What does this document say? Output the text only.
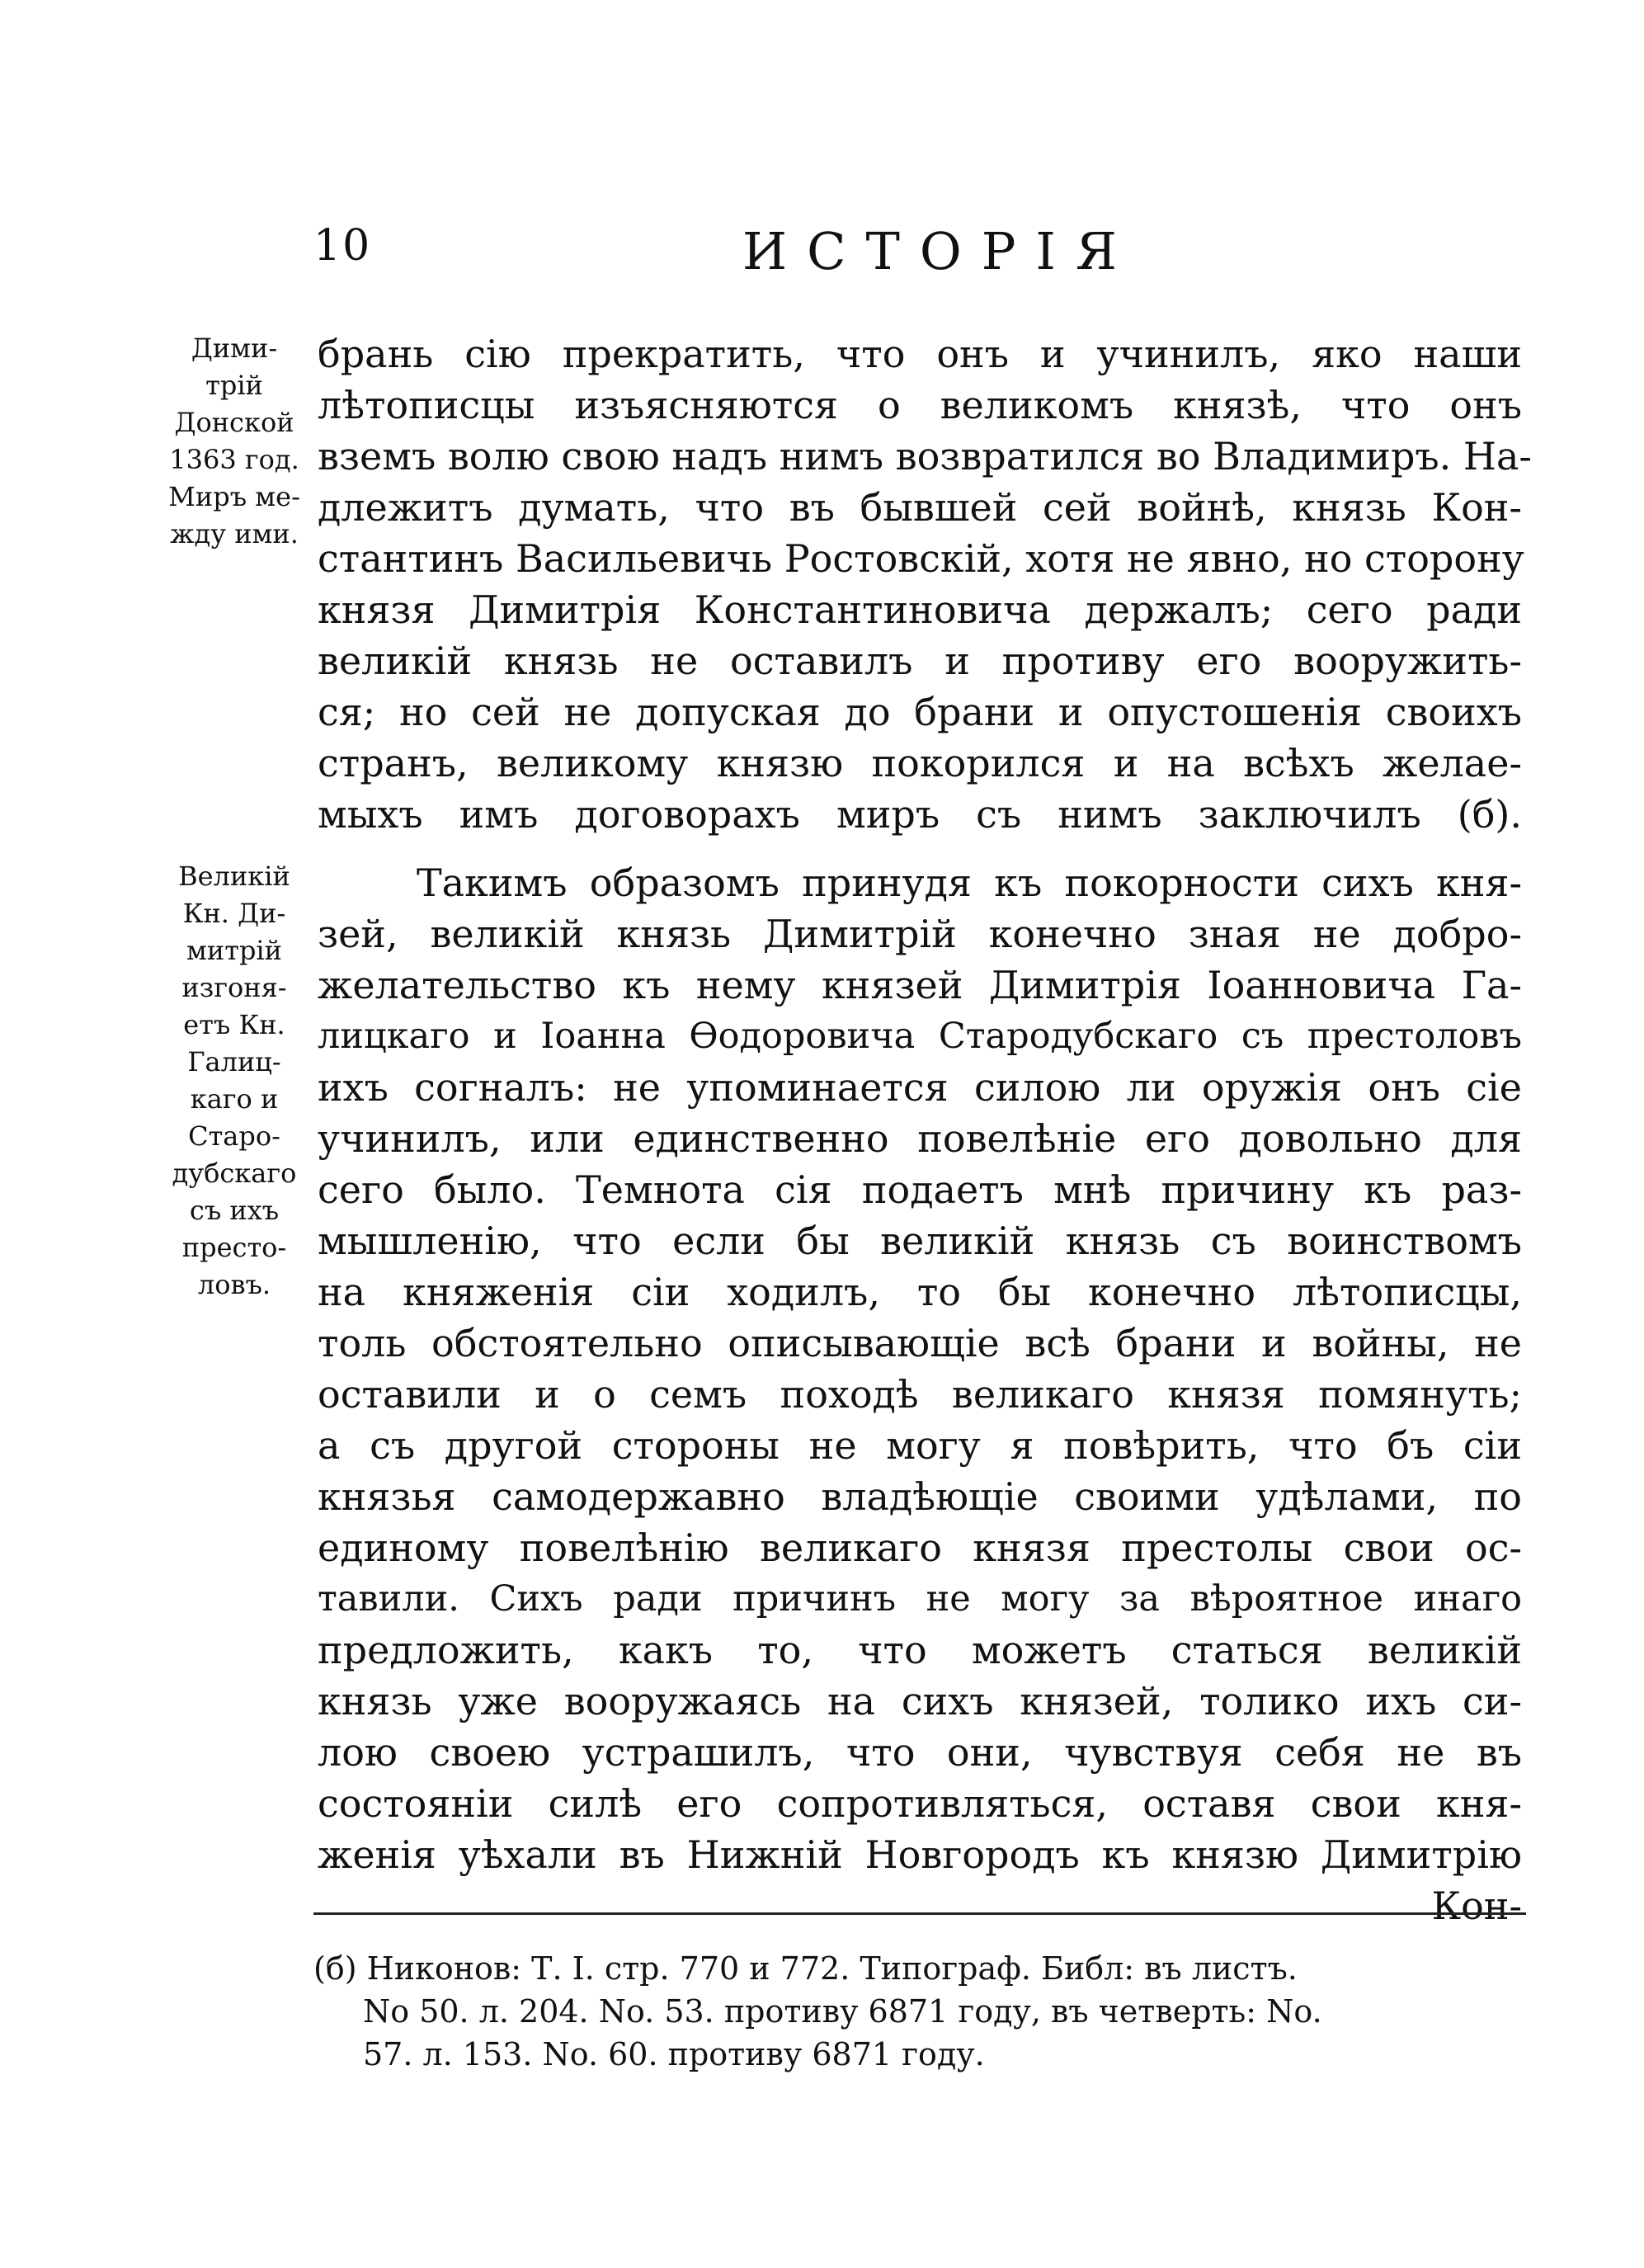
10	ИСТОРІЯ
Дими-
трій
Донской
1363 год.
Миръ ме-
жду ими.
Великій
Кн. Ди-
митрій
изгоня-
етъ Кн.
Галиц-
каго и
Старо-
дубскаго
съ ихъ
престо-
ловъ.
брань сію прекратить, что онъ и учинилъ, яко наши
лѣтописцы изъясняются о великомъ князѣ, что онъ
вземъ волю свою надъ нимъ возвратился во Владимиръ. На-
длежитъ думать, что въ бывшей сей войнѣ, князь Кон-
стантинъ Васильевичь Ростовскій, хотя не явно, но сторону
князя Димитрія Константиновича держалъ; сего ради
великій князь не оставилъ и противу его вооружить-
ся; но сей не допуская до брани и опустошенія своихъ
странъ, великому князю покорился и на всѣхъ желае-
мыхъ имъ договорахъ миръ съ нимъ заключилъ (б).
Такимъ образомъ принудя къ покорности сихъ кня-
зей, великій князь Димитрій конечно зная не добро-
желательство къ нему князей Димитрія Іоанновича Га-
лицкаго и Іоанна Ѳодоровича Стародубскаго съ престоловъ
ихъ согналъ: не упоминается силою ли оружія онъ сіе
учинилъ, или единственно повелѣніе его довольно для
сего было. Темнота сія подаетъ мнѣ причину къ раз-
мышленію, что если бы великій князь съ воинствомъ
на княженія сіи ходилъ, то бы конечно лѣтописцы,
толь обстоятельно описывающіе всѣ брани и войны, не
оставили и о семъ походѣ великаго князя помянуть;
а съ другой стороны не могу я повѣрить, что бъ сіи
князья самодержавно владѣющіе своими удѣлами, по
единому повелѣнію великаго князя престолы свои ос-
тавили. Сихъ ради причинъ не могу за вѣроятное инаго
предложить, какъ то, что можетъ статься великій
князь уже вооружаясь на сихъ князей, толико ихъ си-
лою своею устрашилъ, что они, чувствуя себя не въ
состояніи силѣ его сопротивляться, оставя свои кня-
женія уѣхали въ Нижній Новгородъ къ князю Димитрію
Кон-
(б) Никонов: Т. I. стр. 770 и 772. Типограф. Библ: въ листъ.
No 50. л. 204. No. 53. противу 6871 году, въ четверть: No.
57. л. 153. No. 60. противу 6871 году.
